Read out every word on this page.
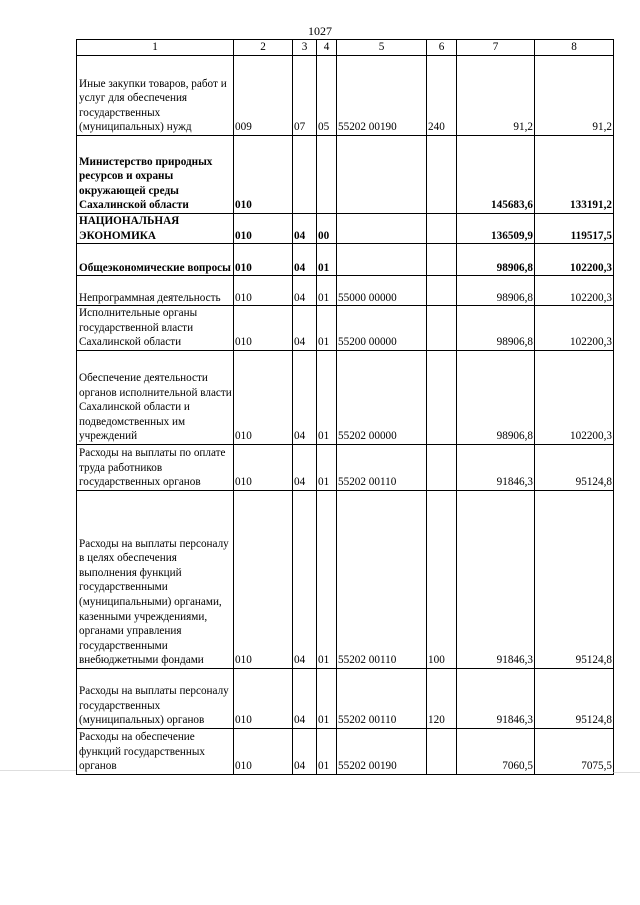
1027
1	2	3	4	5	6	7	8
Иные закупки товаров, работ и услуг для обеспечения государственных (муниципальных) нужд	009	07	05	55202 00190	240	91,2	91,2
Министерство природных ресурсов и охраны окружающей среды Сахалинской области	010					145683,6	133191,2
НАЦИОНАЛЬНАЯ ЭКОНОМИКА	010	04	00			136509,9	119517,5
Общеэкономические вопросы	010	04	01			98906,8	102200,3
Непрограммная деятельность	010	04	01	55000 00000		98906,8	102200,3
Исполнительные органы государственной власти Сахалинской области	010	04	01	55200 00000		98906,8	102200,3
Обеспечение деятельности органов исполнительной власти Сахалинской области и подведомственных им учреждений	010	04	01	55202 00000		98906,8	102200,3
Расходы на выплаты по оплате труда работников государственных органов	010	04	01	55202 00110		91846,3	95124,8
Расходы на выплаты персоналу в целях обеспечения выполнения функций государственными (муниципальными) органами, казенными учреждениями, органами управления государственными внебюджетными фондами	010	04	01	55202 00110	100	91846,3	95124,8
Расходы на выплаты персоналу государственных (муниципальных) органов	010	04	01	55202 00110	120	91846,3	95124,8
Расходы на обеспечение функций государственных органов	010	04	01	55202 00190		7060,5	7075,5
